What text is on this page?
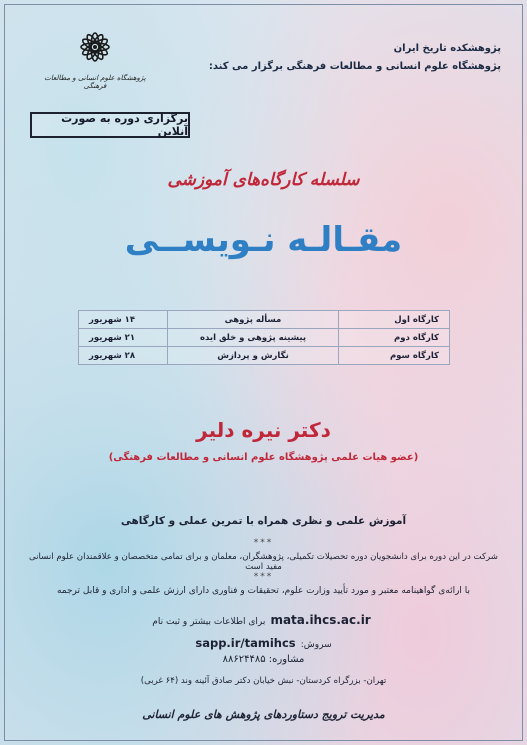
پژوهشکده تاریخ ایران
پژوهشگاه علوم انسانی و مطالعات فرهنگی برگزار می کند:
پژوهشگاه علوم انسانی و مطالعات فرهنگی
برگزاری دوره به صورت آنلاین
سلسله کارگاه‌های آموزشی
مقـالـه نـویســی
کارگاه اول	مسأله پژوهی	۱۴ شهریور
کارگاه دوم	پیشینه پژوهی و خلق ایده	۲۱ شهریور
کارگاه سوم	نگارش و پردازش	۲۸ شهریور
دکتر نیره دلیر
(عضو هیات علمی پژوهشگاه علوم انسانی و مطالعات فرهنگی)
آموزش علمی و نظری همراه با تمرین عملی و کارگاهی
***
شرکت در این دوره برای دانشجویان دوره تحصیلات تکمیلی، پژوهشگران، معلمان و برای تمامی متخصصان و علاقمندان علوم انسانی مفید است
***
با ارائه‌ی گواهینامه معتبر و مورد تأیید وزارت علوم، تحقیقات و فناوری دارای ارزش علمی و اداری و قابل ترجمه
برای اطلاعات بیشتر و ثبت نام mata.ihcs.ac.ir
سروش: sapp.ir/tamihcs
مشاوره: ۸۸۶۲۴۴۸۵
تهران- بزرگراه کردستان- نبش خیابان دکتر صادق آئینه وند (۶۴ غربی)
مدیریت ترویج دستاوردهای پژوهش های علوم انسانی
